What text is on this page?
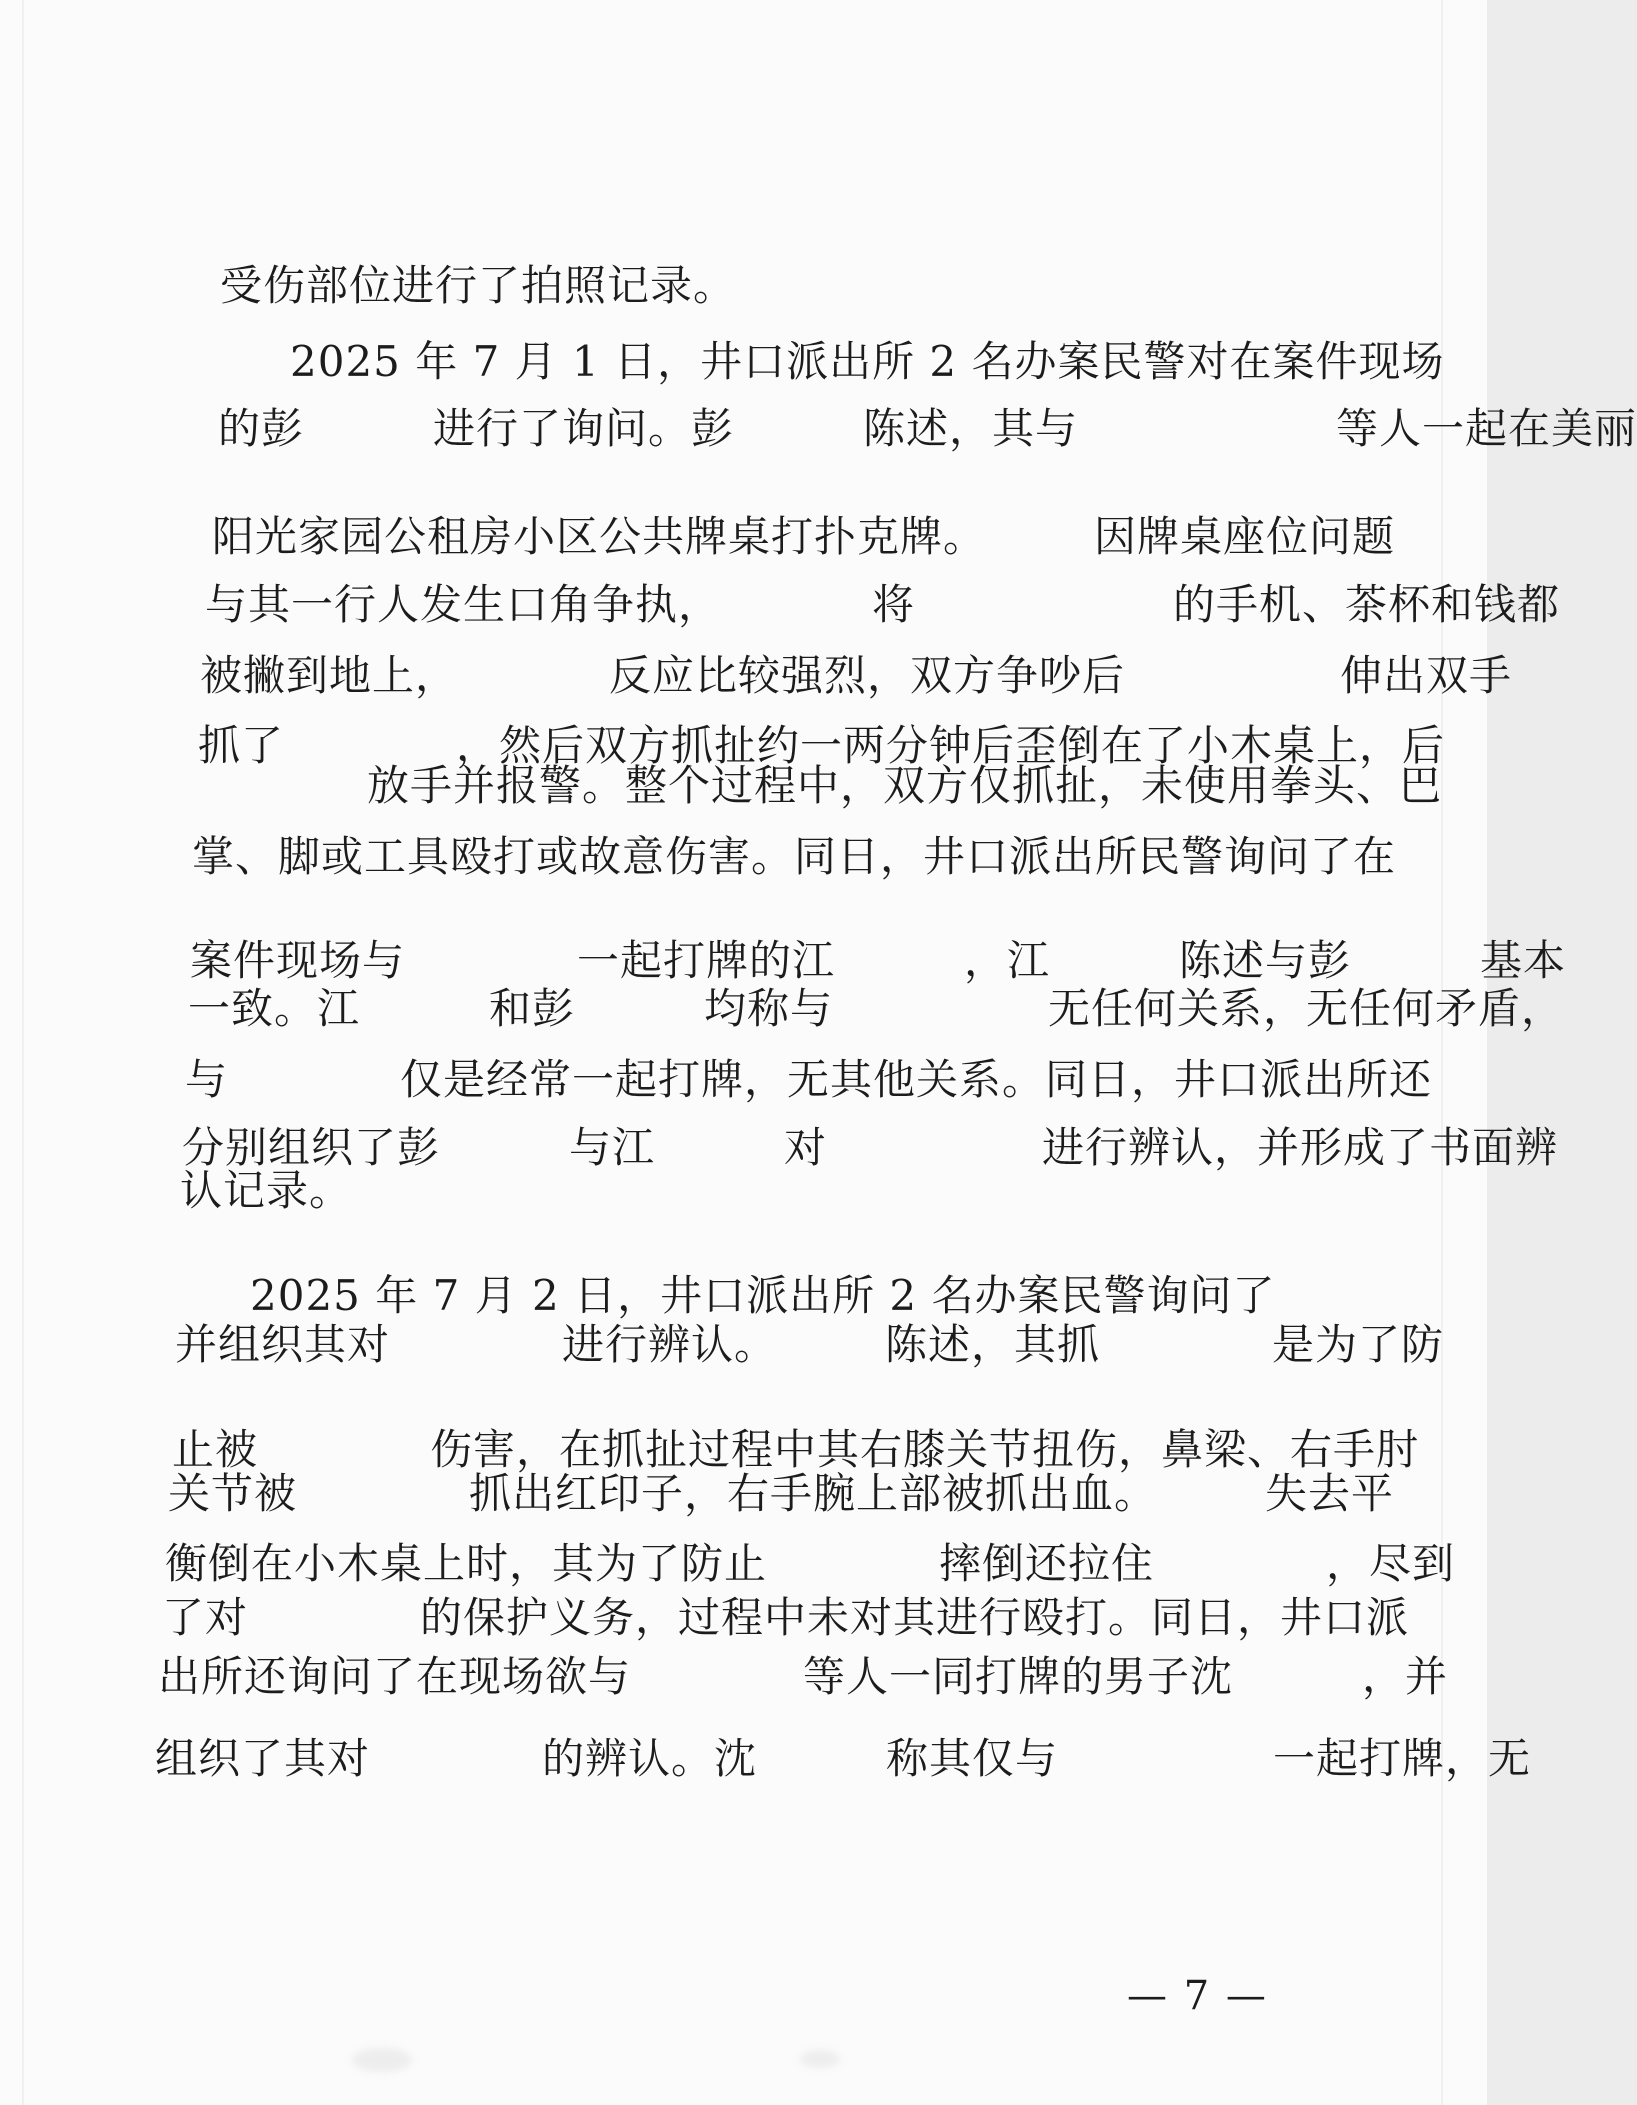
受伤部位进行了拍照记录。

2025 年 7 月 1 日，井口派出所 2 名办案民警对在案件现场

的彭　　　进行了询问。彭　　　陈述，其与　　　　　　等人一起在美丽

阳光家园公租房小区公共牌桌打扑克牌。　　　因牌桌座位问题

与其一行人发生口角争执，　　　　将　　　　　　的手机、茶杯和钱都

被撇到地上，　　　　反应比较强烈，双方争吵后　　　　　伸出双手

抓了　　　　，然后双方抓扯约一两分钟后歪倒在了小木桌上，后

　　　　放手并报警。整个过程中，双方仅抓扯，未使用拳头、巴

掌、脚或工具殴打或故意伤害。同日，井口派出所民警询问了在

案件现场与　　　　一起打牌的江　　　，江　　　陈述与彭　　　基本

一致。江　　　和彭　　　均称与　　　　　无任何关系，无任何矛盾，

与　　　　仅是经常一起打牌，无其他关系。同日，井口派出所还

分别组织了彭　　　与江　　　对　　　　　进行辨认，并形成了书面辨

认记录。

2025 年 7 月 2 日，井口派出所 2 名办案民警询问了

并组织其对　　　　进行辨认。　　　陈述，其抓　　　　是为了防

止被　　　　伤害，在抓扯过程中其右膝关节扭伤，鼻梁、右手肘

关节被　　　　抓出红印子，右手腕上部被抓出血。　　　失去平

衡倒在小木桌上时，其为了防止　　　　摔倒还拉住　　　　，尽到

了对　　　　的保护义务，过程中未对其进行殴打。同日，井口派

出所还询问了在现场欲与　　　　等人一同打牌的男子沈　　　，并

组织了其对　　　　的辨认。沈　　　称其仅与　　　　　一起打牌，无

— 7 —
